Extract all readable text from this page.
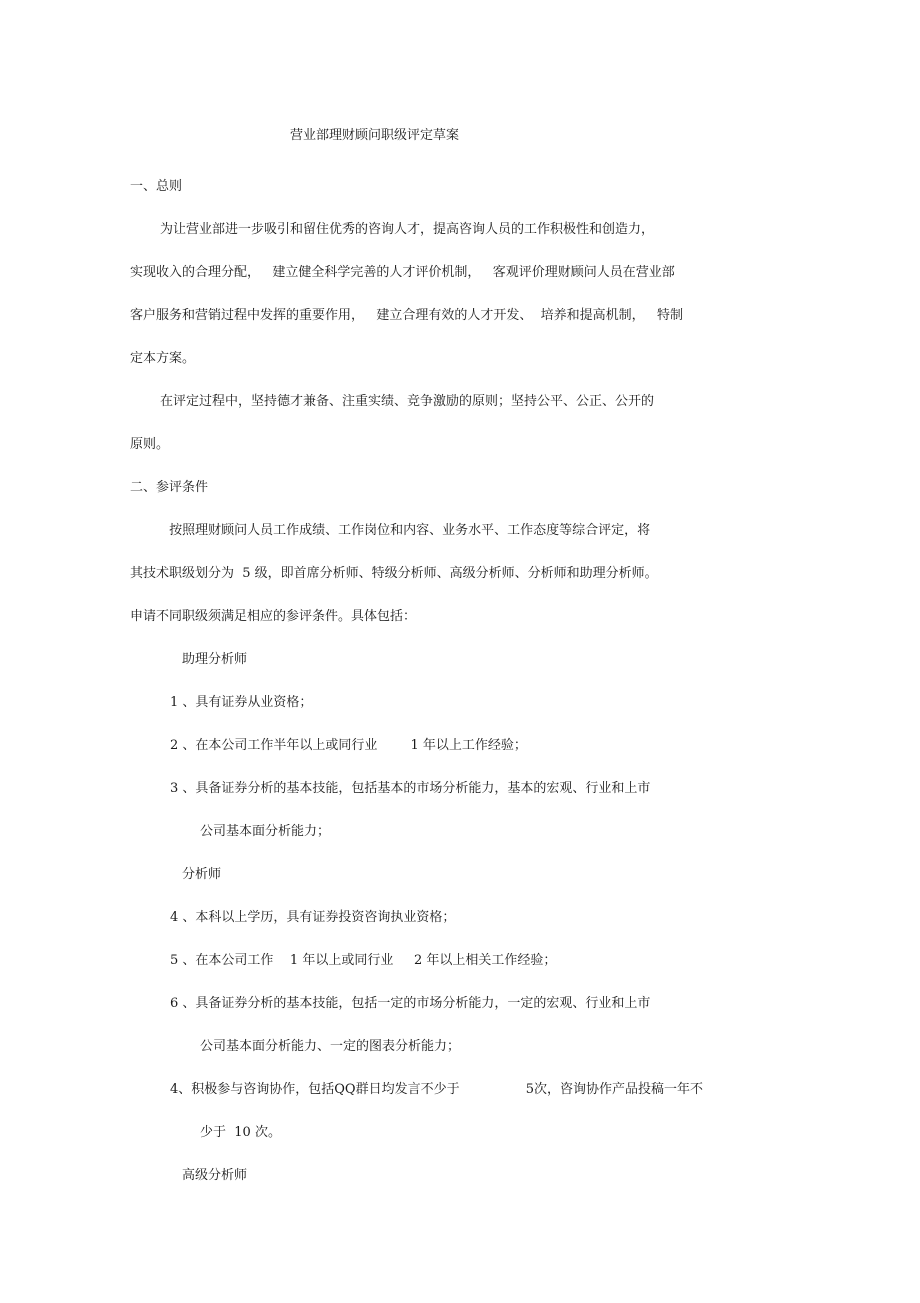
营业部理财顾问职级评定草案
一、总则
为让营业部进一步吸引和留住优秀的咨询人才，提高咨询人员的工作积极性和创造力，
实现收入的合理分配，   建立健全科学完善的人才评价机制，   客观评价理财顾问人员在营业部
客户服务和营销过程中发挥的重要作用，   建立合理有效的人才开发、  培养和提高机制，   特制
定本方案。
在评定过程中，坚持德才兼备、注重实绩、竞争激励的原则；坚持公平、公正、公开的
原则。
二、参评条件
按照理财顾问人员工作成绩、工作岗位和内容、业务水平、工作态度等综合评定，将
其技术职级划分为  5 级，即首席分析师、特级分析师、高级分析师、分析师和助理分析师。
申请不同职级须满足相应的参评条件。具体包括：
助理分析师
1 、具有证券从业资格；
2 、在本公司工作半年以上或同行业        1 年以上工作经验；
3 、具备证券分析的基本技能，包括基本的市场分析能力，基本的宏观、行业和上市
公司基本面分析能力；
分析师
4 、本科以上学历，具有证券投资咨询执业资格；
5 、在本公司工作    1 年以上或同行业     2 年以上相关工作经验；
6 、具备证券分析的基本技能，包括一定的市场分析能力，一定的宏观、行业和上市
公司基本面分析能力、一定的图表分析能力；
4、积极参与咨询协作，包括QQ群日均发言不少于                5次，咨询协作产品投稿一年不
少于  10 次。
高级分析师
